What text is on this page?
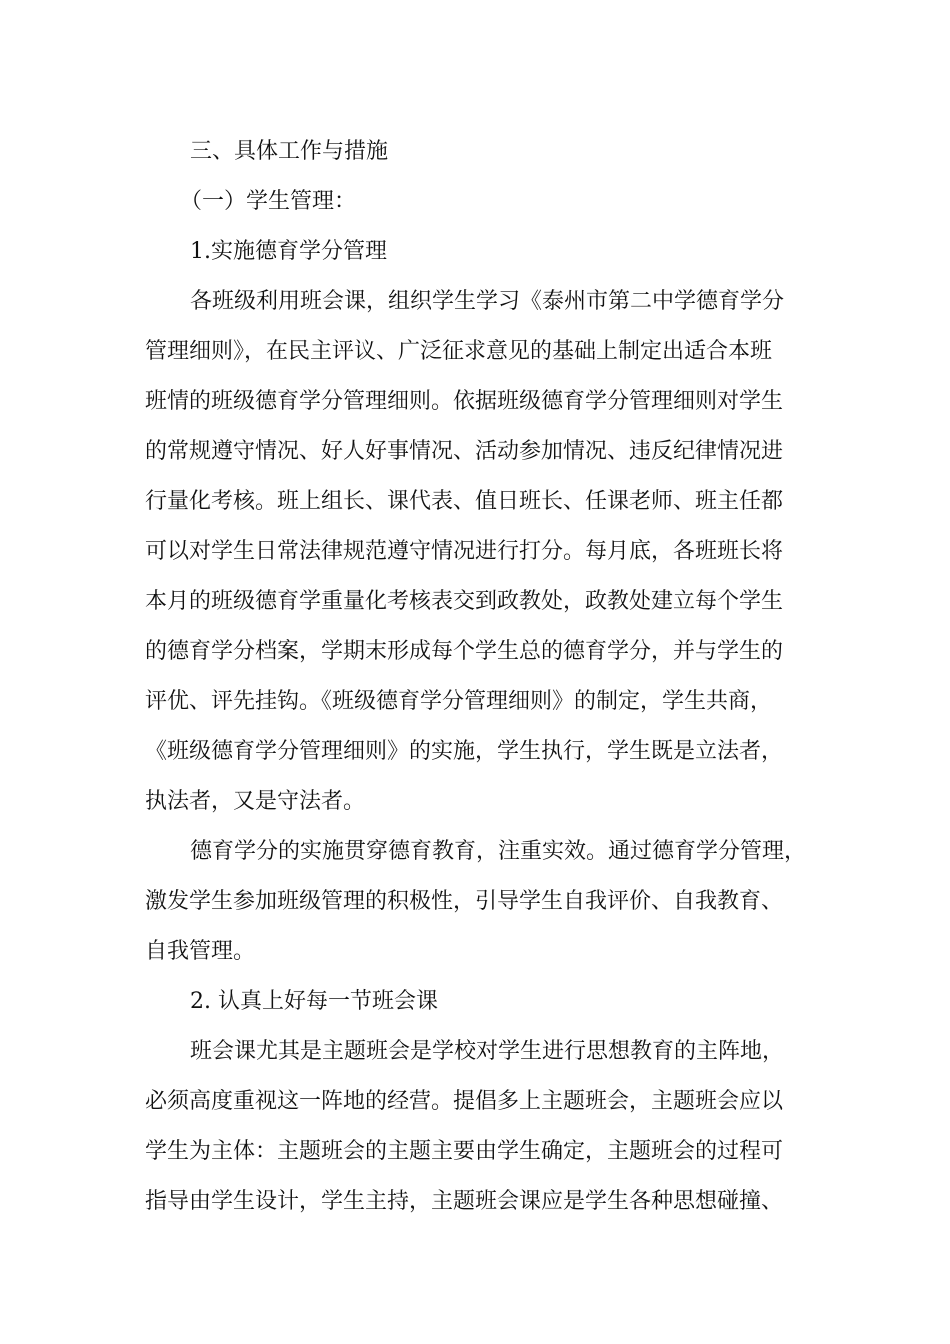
三、具体工作与措施
（一）学生管理：
1.实施德育学分管理
各班级利用班会课，组织学生学习《泰州市第二中学德育学分
管理细则》，在民主评议、广泛征求意见的基础上制定出适合本班
班情的班级德育学分管理细则。依据班级德育学分管理细则对学生
的常规遵守情况、好人好事情况、活动参加情况、违反纪律情况进
行量化考核。班上组长、课代表、值日班长、任课老师、班主任都
可以对学生日常法律规范遵守情况进行打分。每月底，各班班长将
本月的班级德育学重量化考核表交到政教处，政教处建立每个学生
的德育学分档案，学期末形成每个学生总的德育学分，并与学生的
评优、评先挂钩。《班级德育学分管理细则》的制定，学生共商，
《班级德育学分管理细则》的实施，学生执行，学生既是立法者，
执法者，又是守法者。
德育学分的实施贯穿德育教育，注重实效。通过德育学分管理，
激发学生参加班级管理的积极性，引导学生自我评价、自我教育、
自我管理。
2. 认真上好每一节班会课
班会课尤其是主题班会是学校对学生进行思想教育的主阵地，
必须高度重视这一阵地的经营。提倡多上主题班会，主题班会应以
学生为主体：主题班会的主题主要由学生确定，主题班会的过程可
指导由学生设计，学生主持，主题班会课应是学生各种思想碰撞、
